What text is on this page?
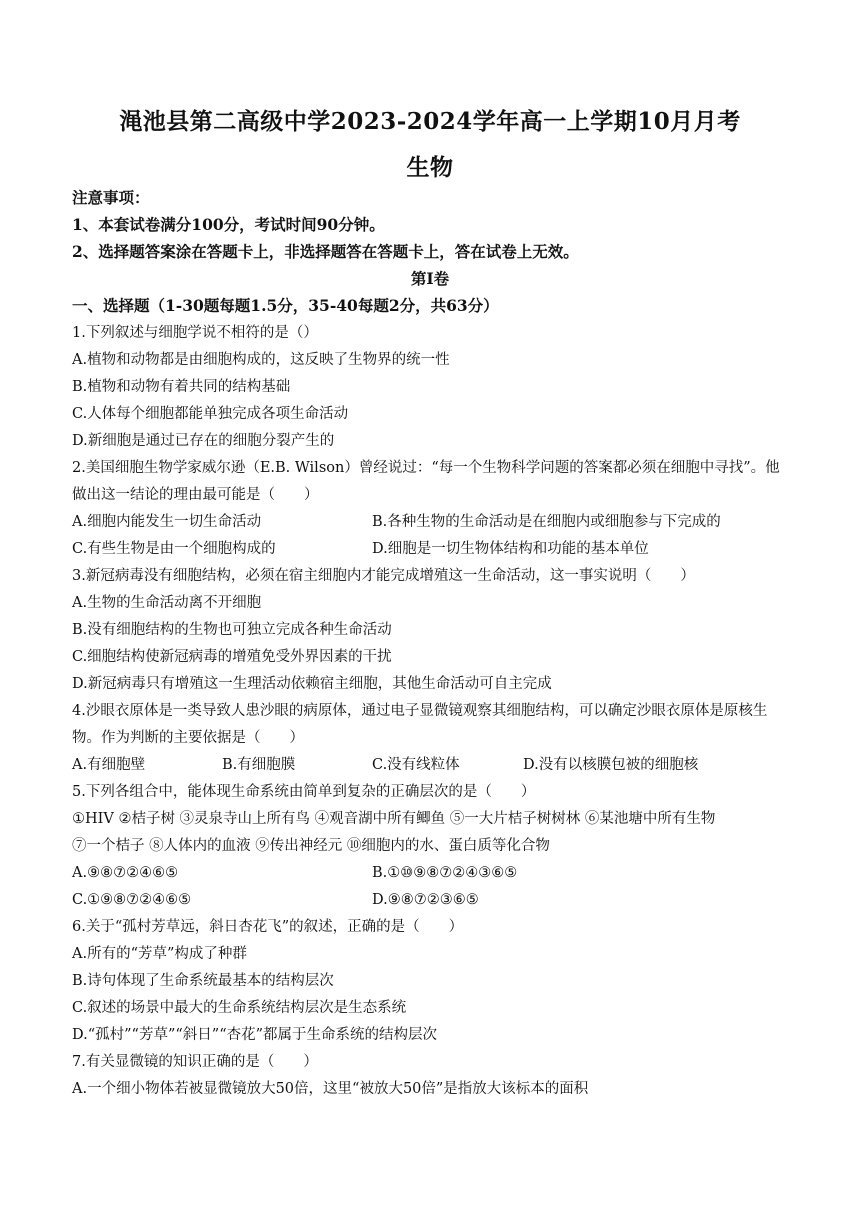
渑池县第二高级中学2023-2024学年高一上学期10月月考
生物
注意事项：
1、本套试卷满分100分，考试时间90分钟。
2、选择题答案涂在答题卡上，非选择题答在答题卡上，答在试卷上无效。
第I卷
一、选择题（1-30题每题1.5分，35-40每题2分，共63分）
1.下列叙述与细胞学说不相符的是（）
A.植物和动物都是由细胞构成的，这反映了生物界的统一性
B.植物和动物有着共同的结构基础
C.人体每个细胞都能单独完成各项生命活动
D.新细胞是通过已存在的细胞分裂产生的
2.美国细胞生物学家威尔逊（E.B. Wilson）曾经说过：“每一个生物科学问题的答案都必须在细胞中寻找”。他
做出这一结论的理由最可能是（　　）
A.细胞内能发生一切生命活动	B.各种生物的生命活动是在细胞内或细胞参与下完成的
C.有些生物是由一个细胞构成的	D.细胞是一切生物体结构和功能的基本单位
3.新冠病毒没有细胞结构，必须在宿主细胞内才能完成增殖这一生命活动，这一事实说明（　　）
A.生物的生命活动离不开细胞
B.没有细胞结构的生物也可独立完成各种生命活动
C.细胞结构使新冠病毒的增殖免受外界因素的干扰
D.新冠病毒只有增殖这一生理活动依赖宿主细胞，其他生命活动可自主完成
4.沙眼衣原体是一类导致人患沙眼的病原体，通过电子显微镜观察其细胞结构，可以确定沙眼衣原体是原核生
物。作为判断的主要依据是（　　）
A.有细胞壁	B.有细胞膜	C.没有线粒体	D.没有以核膜包被的细胞核
5.下列各组合中，能体现生命系统由简单到复杂的正确层次的是（　　）
①HIV ②桔子树 ③灵泉寺山上所有鸟 ④观音湖中所有鲫鱼 ⑤一大片桔子树树林 ⑥某池塘中所有生物
⑦一个桔子 ⑧人体内的血液 ⑨传出神经元 ⑩细胞内的水、蛋白质等化合物
A.⑨⑧⑦②④⑥⑤	B.①⑩⑨⑧⑦②④③⑥⑤
C.①⑨⑧⑦②④⑥⑤	D.⑨⑧⑦②③⑥⑤
6.关于“孤村芳草远，斜日杏花飞”的叙述，正确的是（　　）
A.所有的“芳草”构成了种群
B.诗句体现了生命系统最基本的结构层次
C.叙述的场景中最大的生命系统结构层次是生态系统
D.“孤村”“芳草”“斜日”“杏花”都属于生命系统的结构层次
7.有关显微镜的知识正确的是（　　）
A.一个细小物体若被显微镜放大50倍，这里“被放大50倍”是指放大该标本的面积
